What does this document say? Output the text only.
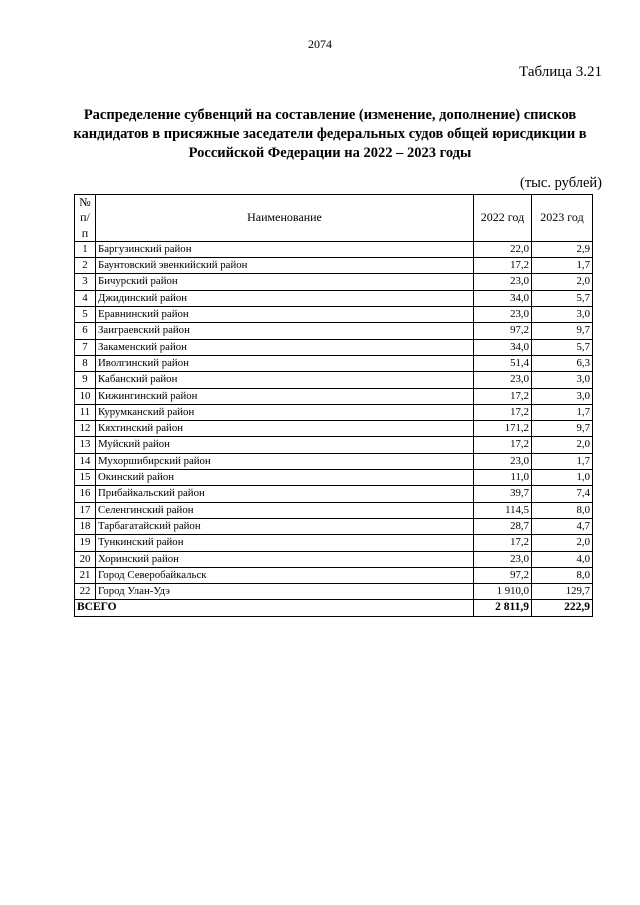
2074
Таблица 3.21
Распределение субвенций на составление (изменение, дополнение) списков кандидатов в присяжные заседатели федеральных судов общей юрисдикции в Российской Федерации на 2022 – 2023 годы
(тыс. рублей)
№ п/п	Наименование	2022 год	2023 год
1	Баргузинский район	22,0	2,9
2	Баунтовский эвенкийский район	17,2	1,7
3	Бичурский район	23,0	2,0
4	Джидинский район	34,0	5,7
5	Еравнинский район	23,0	3,0
6	Заиграевский район	97,2	9,7
7	Закаменский район	34,0	5,7
8	Иволгинский район	51,4	6,3
9	Кабанский район	23,0	3,0
10	Кижингинский район	17,2	3,0
11	Курумканский район	17,2	1,7
12	Кяхтинский район	171,2	9,7
13	Муйский район	17,2	2,0
14	Мухоршибирский район	23,0	1,7
15	Окинский район	11,0	1,0
16	Прибайкальский район	39,7	7,4
17	Селенгинский район	114,5	8,0
18	Тарбагатайский район	28,7	4,7
19	Тункинский район	17,2	2,0
20	Хоринский район	23,0	4,0
21	Город Северобайкальск	97,2	8,0
22	Город Улан-Удэ	1 910,0	129,7
ВСЕГО		2 811,9	222,9
